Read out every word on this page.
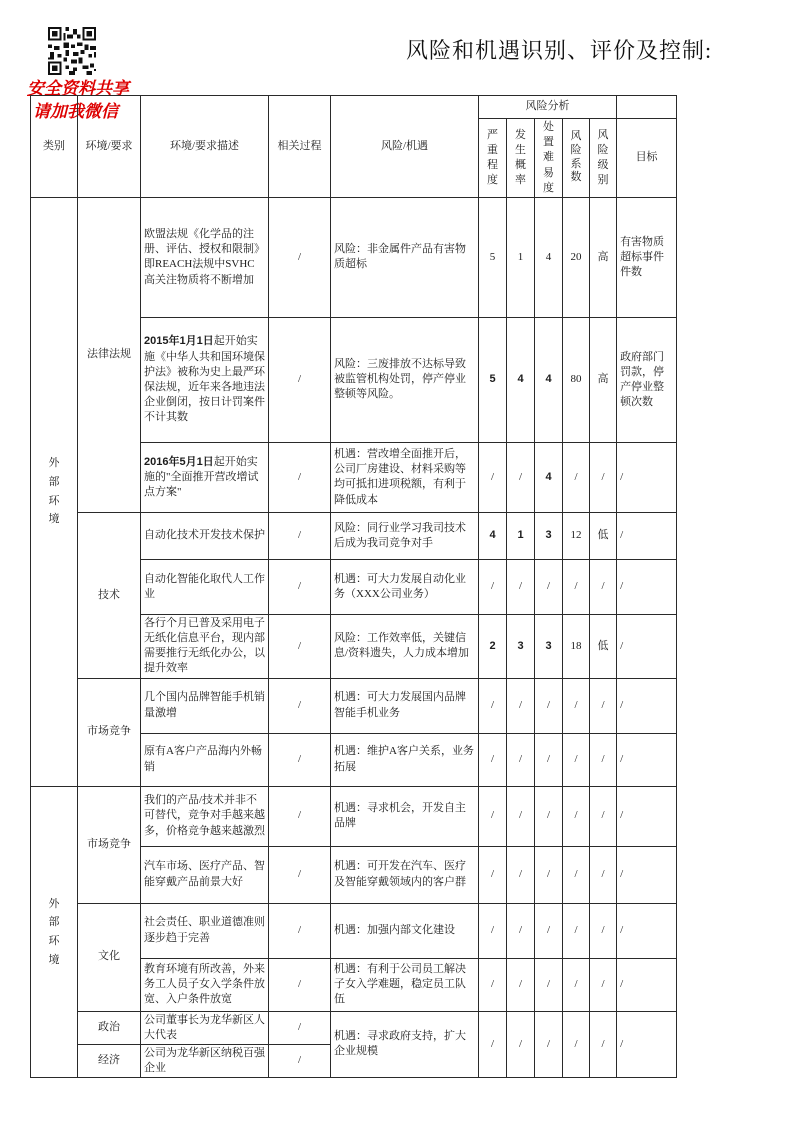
风险和机遇识别、评价及控制:
安全资料共享
请加我微信
类别	环境/要求	环境/要求描述	相关过程	风险/机遇	风险分析					
					严重程度	发生概率	处置难易度	风险系数	风险级别	目标
外部环境	法律法规	欧盟法规《化学品的注册、评估、授权和限制》即REACH法规中SVHC高关注物质将不断增加	/	风险：非金属件产品有害物质超标	5	1	4	20	高	有害物质超标事件件数
		2015年1月1日起开始实施《中华人共和国环境保护法》被称为史上最严环保法规，近年来各地违法企业倒闭，按日计罚案件不计其数	/	风险：三废排放不达标导致被监管机构处罚，停产停业整顿等风险。	5	4	4	80	高	政府部门罚款，停产停业整顿次数
		2016年5月1日起开始实施的"全面推开营改增试点方案"	/	机遇：营改增全面推开后，公司厂房建设、材料采购等均可抵扣进项税额，有利于降低成本	/	/	4	/	/	/
	技术	自动化技术开发技术保护	/	风险：同行业学习我司技术后成为我司竞争对手	4	1	3	12	低	/
		自动化智能化取代人工作业	/	机遇：可大力发展自动化业务（XXX公司业务）	/	/	/	/	/	/
		各行个月已普及采用电子无纸化信息平台，现内部需要推行无纸化办公，以提升效率	/	风险：工作效率低，关键信息/资料遗失，人力成本增加	2	3	3	18	低	/
	市场竞争	几个国内品牌智能手机销量激增	/	机遇：可大力发展国内品牌智能手机业务	/	/	/	/	/	/
		原有A客户产品海内外畅销	/	机遇：维护A客户关系，业务拓展	/	/	/	/	/	/
外部环境	市场竞争	我们的产品/技术并非不可替代，竞争对手越来越多，价格竞争越来越激烈	/	机遇：寻求机会，开发自主品牌	/	/	/	/	/	/
		汽车市场、医疗产品、智能穿戴产品前景大好	/	机遇：可开发在汽车、医疗及智能穿戴领域内的客户群	/	/	/	/	/	/
	文化	社会责任、职业道德准则逐步趋于完善	/	机遇：加强内部文化建设	/	/	/	/	/	/
		教育环境有所改善，外来务工人员子女入学条件放宽、入户条件放宽	/	机遇：有利于公司员工解决子女入学难题，稳定员工队伍	/	/	/	/	/	/
	政治	公司董事长为龙华新区人大代表	/	机遇：寻求政府支持，扩大企业规模	/	/	/	/	/	/
	经济	公司为龙华新区纳税百强企业	/							
